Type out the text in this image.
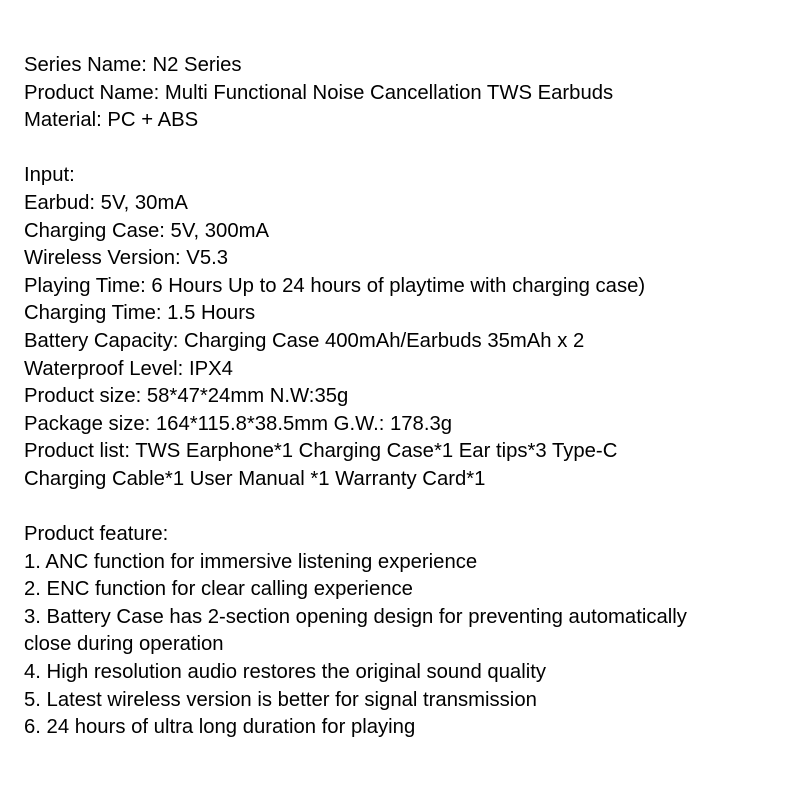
Series Name: N2 Series
Product Name: Multi Functional Noise Cancellation TWS Earbuds
Material: PC + ABS
Input:
Earbud: 5V, 30mA
Charging Case: 5V, 300mA
Wireless Version: V5.3
Playing Time: 6 Hours Up to 24 hours of playtime with charging case)
Charging Time: 1.5 Hours
Battery Capacity: Charging Case 400mAh/Earbuds 35mAh x 2
Waterproof Level: IPX4
Product size: 58*47*24mm N.W:35g
Package size: 164*115.8*38.5mm G.W.: 178.3g
Product list: TWS Earphone*1 Charging Case*1 Ear tips*3 Type-C
Charging Cable*1 User Manual *1 Warranty Card*1
Product feature:
1. ANC function for immersive listening experience
2. ENC function for clear calling experience
3. Battery Case has 2-section opening design for preventing automatically
close during operation
4. High resolution audio restores the original sound quality
5. Latest wireless version is better for signal transmission
6. 24 hours of ultra long duration for playing
